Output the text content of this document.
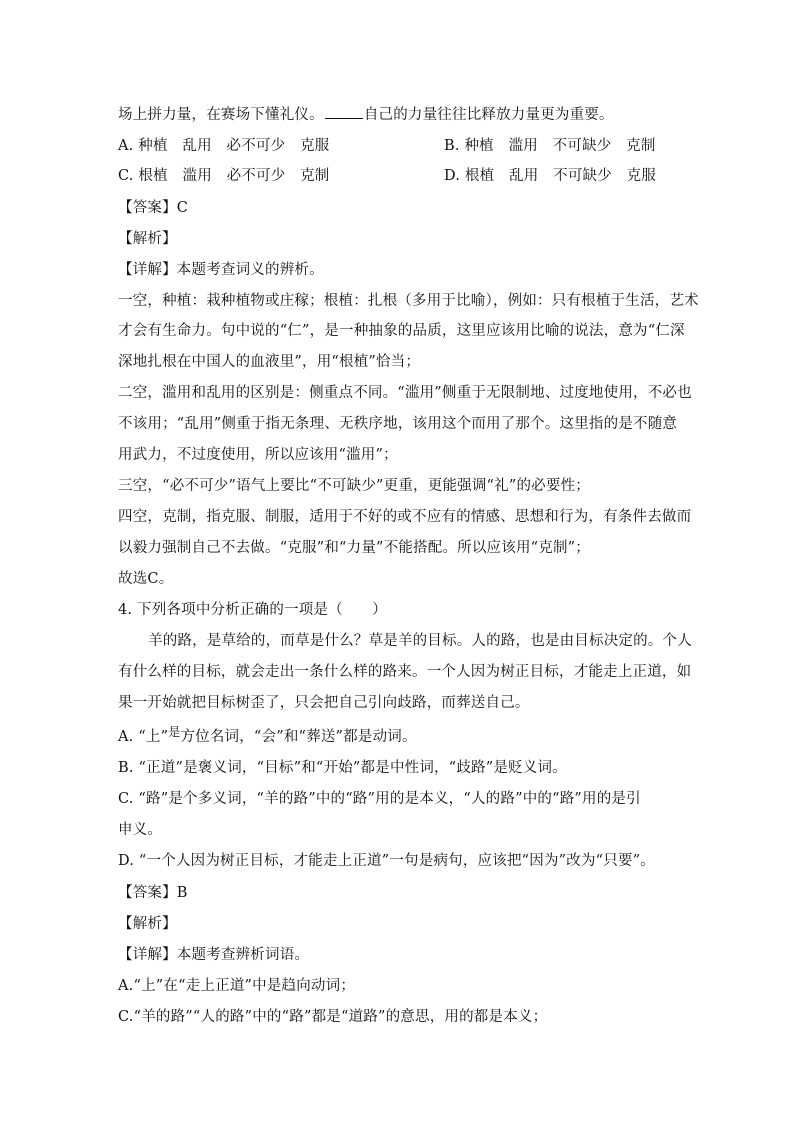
场上拼力量，在赛场下懂礼仪。	自己的力量往往比释放力量更为重要。
A. 种植　乱用　必不可少　克服	B. 种植　滥用　不可缺少　克制
C. 根植　滥用　必不可少　克制	D. 根植　乱用　不可缺少　克服
【答案】C
【解析】
【详解】本题考查词义的辨析。
一空，种植：栽种植物或庄稼；根植：扎根（多用于比喻），例如：只有根植于生活，艺术
才会有生命力。句中说的“仁”，是一种抽象的品质，这里应该用比喻的说法，意为“仁深
深地扎根在中国人的血液里”，用“根植”恰当；
二空，滥用和乱用的区别是：侧重点不同。“滥用”侧重于无限制地、过度地使用，不必也
不该用；“乱用”侧重于指无条理、无秩序地，该用这个而用了那个。这里指的是不随意
用武力，不过度使用，所以应该用“滥用”；
三空，“必不可少”语气上要比“不可缺少”更重，更能强调“礼”的必要性；
四空，克制，指克服、制服，适用于不好的或不应有的情感、思想和行为，有条件去做而
以毅力强制自己不去做。“克服”和“力量”不能搭配。所以应该用“克制”；
故选C。
4. 下列各项中分析正确的一项是（　　）
羊的路，是草给的，而草是什么？草是羊的目标。人的路，也是由目标决定的。个人
有什么样的目标，就会走出一条什么样的路来。一个人因为树正目标，才能走上正道，如
果一开始就把目标树歪了，只会把自己引向歧路，而葬送自己。
A. “上”$^是$方位名词，“会”和“葬送”都是动词。
B. “正道”是褒义词，“目标”和“开始”都是中性词，“歧路”是贬义词。
C. “路”是个多义词，“羊的路”中的“路”用的是本义，“人的路”中的“路”用的是引
申义。
D. “一个人因为树正目标，才能走上正道”一句是病句，应该把“因为”改为“只要”。
【答案】B
【解析】
【详解】本题考查辨析词语。
A.“上”在“走上正道”中是趋向动词；
C.“羊的路”“人的路”中的“路”都是“道路”的意思，用的都是本义；
